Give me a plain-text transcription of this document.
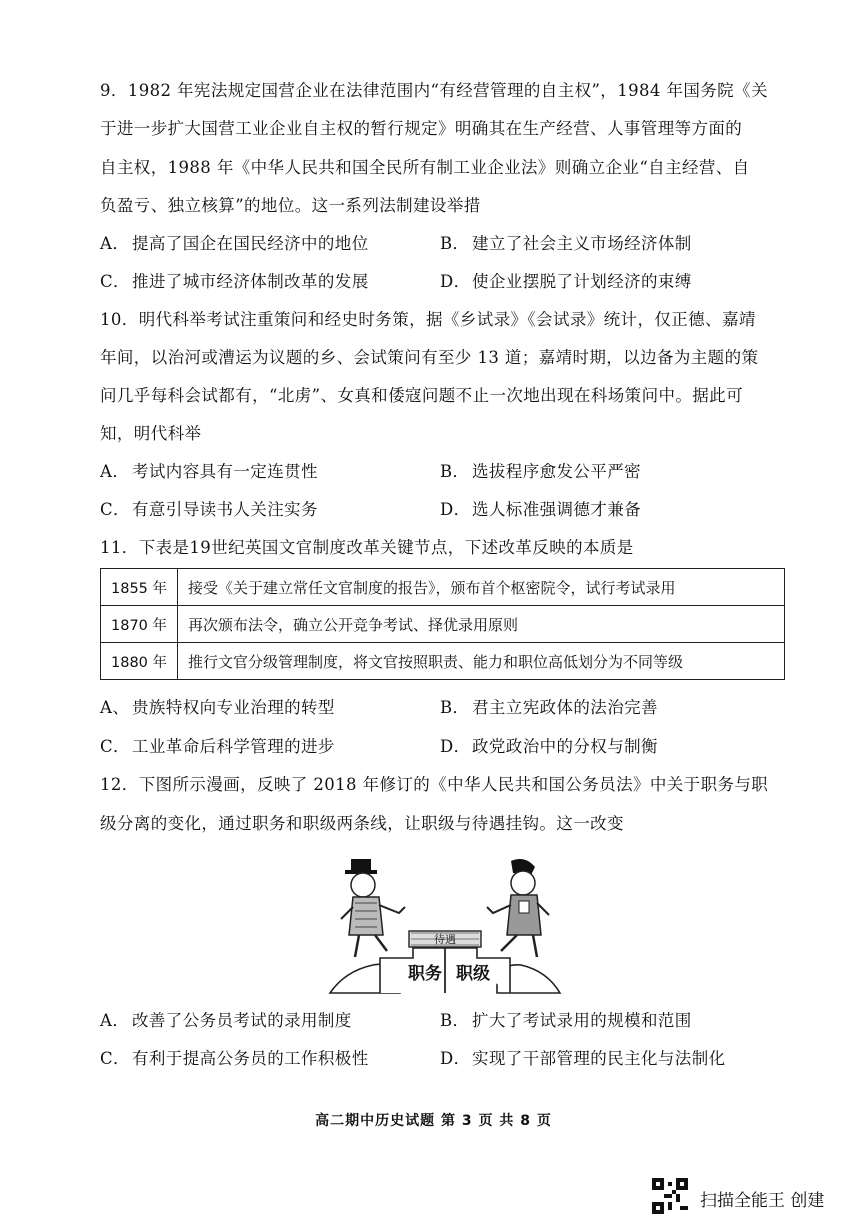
9．1982 年宪法规定国营企业在法律范围内“有经营管理的自主权”，1984 年国务院《关
于进一步扩大国营工业企业自主权的暂行规定》明确其在生产经营、人事管理等方面的
自主权，1988 年《中华人民共和国全民所有制工业企业法》则确立企业“自主经营、自
负盈亏、独立核算”的地位。这一系列法制建设举措
A． 提高了国企在国民经济中的地位	B． 建立了社会主义市场经济体制
C． 推进了城市经济体制改革的发展	D．使企业摆脱了计划经济的束缚
10．明代科举考试注重策问和经史时务策，据《乡试录》《会试录》统计，仅正德、嘉靖
年间，以治河或漕运为议题的乡、会试策问有至少 13 道；嘉靖时期，以边备为主题的策
问几乎每科会试都有，“北虏”、女真和倭寇问题不止一次地出现在科场策问中。据此可
知，明代科举
A． 考试内容具有一定连贯性	B． 选拔程序愈发公平严密
C． 有意引导读书人关注实务	D．选人标准强调德才兼备
11．下表是19世纪英国文官制度改革关键节点，下述改革反映的本质是
1855 年	接受《关于建立常任文官制度的报告》，颁布首个枢密院令，试行考试录用
1870 年	再次颁布法令，确立公开竞争考试、择优录用原则
1880 年	推行文官分级管理制度，将文官按照职责、能力和职位高低划分为不同等级
A、 贵族特权向专业治理的转型	B． 君主立宪政体的法治完善
C． 工业革命后科学管理的进步	D．政党政治中的分权与制衡
12．下图所示漫画，反映了 2018 年修订的《中华人民共和国公务员法》中关于职务与职
级分离的变化，通过职务和职级两条线，让职级与待遇挂钩。这一改变
职务 职级
待遇
A． 改善了公务员考试的录用制度	B． 扩大了考试录用的规模和范围
C． 有利于提高公务员的工作积极性	D．实现了干部管理的民主化与法制化
高二期中历史试题 第 3 页 共 8 页
扫描全能王 创建
